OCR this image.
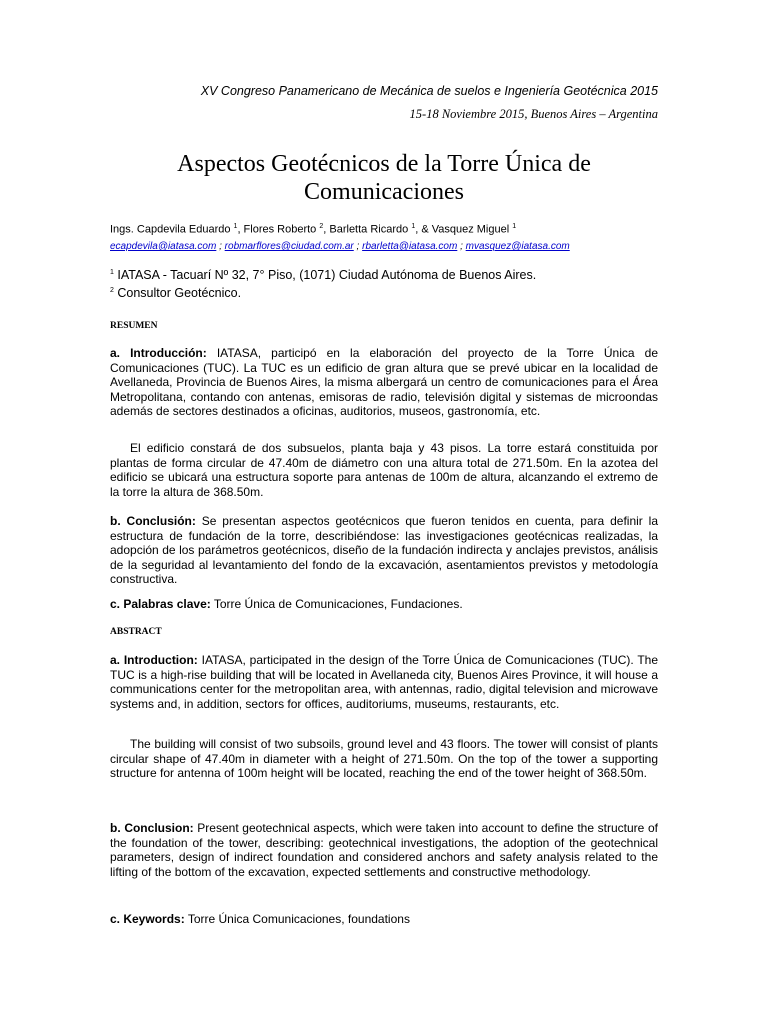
XV Congreso Panamericano de Mecánica de suelos e Ingeniería Geotécnica 2015
15-18 Noviembre 2015, Buenos Aires – Argentina
Aspectos Geotécnicos de la Torre Única de
Comunicaciones
Ings. Capdevila Eduardo $^1$, Flores Roberto $^2$, Barletta Ricardo $^1$, & Vasquez Miguel $^1$
ecapdevila@iatasa.com ; robmarflores@ciudad.com.ar ; rbarletta@iatasa.com ; mvasquez@iatasa.com
$^1$ IATASA - Tacuarí Nº 32, 7° Piso, (1071) Ciudad Autónoma de Buenos Aires.
$^2$ Consultor Geotécnico.
RESUMEN
a. Introducción: IATASA, participó en la elaboración del proyecto de la Torre Única de Comunicaciones (TUC). La TUC es un edificio de gran altura que se prevé ubicar en la localidad de Avellaneda, Provincia de Buenos Aires, la misma albergará un centro de comunicaciones para el Área Metropolitana, contando con antenas, emisoras de radio, televisión digital y sistemas de microondas además de sectores destinados a oficinas, auditorios, museos, gastronomía, etc.
El edificio constará de dos subsuelos, planta baja y 43 pisos. La torre estará constituida por plantas de forma circular de 47.40m de diámetro con una altura total de 271.50m. En la azotea del edificio se ubicará una estructura soporte para antenas de 100m de altura, alcanzando el extremo de la torre la altura de 368.50m.
b. Conclusión: Se presentan aspectos geotécnicos que fueron tenidos en cuenta, para definir la estructura de fundación de la torre, describiéndose: las investigaciones geotécnicas realizadas, la adopción de los parámetros geotécnicos, diseño de la fundación indirecta y anclajes previstos, análisis de la seguridad al levantamiento del fondo de la excavación, asentamientos previstos y metodología constructiva.
c. Palabras clave: Torre Única de Comunicaciones, Fundaciones.
ABSTRACT
a. Introduction: IATASA, participated in the design of the Torre Única de Comunicaciones (TUC). The TUC is a high-rise building that will be located in Avellaneda city, Buenos Aires Province, it will house a communications center for the metropolitan area, with antennas, radio, digital television and microwave systems and, in addition, sectors for offices, auditoriums, museums, restaurants, etc.
The building will consist of two subsoils, ground level and 43 floors. The tower will consist of plants circular shape of 47.40m in diameter with a height of 271.50m. On the top of the tower a supporting structure for antenna of 100m height will be located, reaching the end of the tower height of 368.50m.
b. Conclusion: Present geotechnical aspects, which were taken into account to define the structure of the foundation of the tower, describing: geotechnical investigations, the adoption of the geotechnical parameters, design of indirect foundation and considered anchors and safety analysis related to the lifting of the bottom of the excavation, expected settlements and constructive methodology.
c. Keywords: Torre Única Comunicaciones, foundations
